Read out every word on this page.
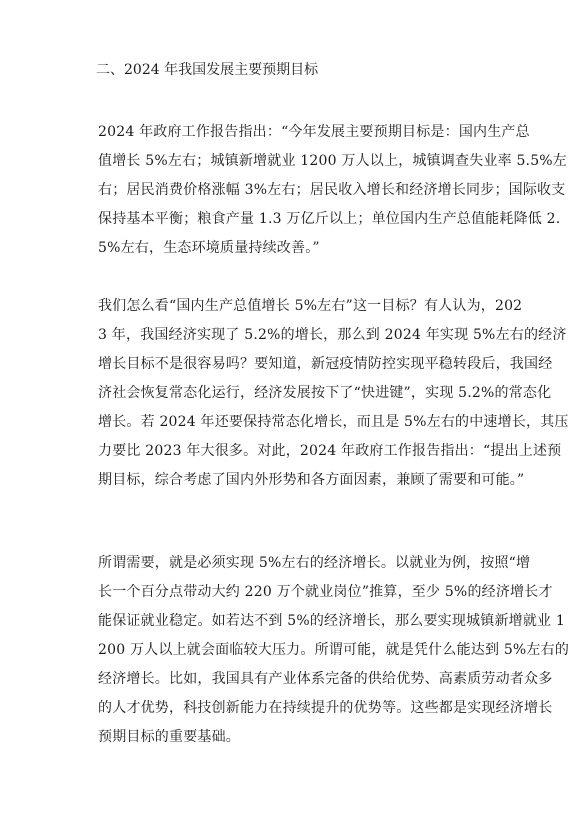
二、2024 年我国发展主要预期目标
2024 年政府工作报告指出：“今年发展主要预期目标是：国内生产总
值增长 5%左右；城镇新增就业 1200 万人以上，城镇调查失业率 5.5%左
右；居民消费价格涨幅 3%左右；居民收入增长和经济增长同步；国际收支
保持基本平衡；粮食产量 1.3 万亿斤以上；单位国内生产总值能耗降低 2.
5%左右，生态环境质量持续改善。”
我们怎么看“国内生产总值增长 5%左右”这一目标？有人认为，202
3 年，我国经济实现了 5.2%的增长，那么到 2024 年实现 5%左右的经济
增长目标不是很容易吗？要知道，新冠疫情防控实现平稳转段后，我国经
济社会恢复常态化运行，经济发展按下了“快进键”，实现 5.2%的常态化
增长。若 2024 年还要保持常态化增长，而且是 5%左右的中速增长，其压
力要比 2023 年大很多。对此，2024 年政府工作报告指出：“提出上述预
期目标，综合考虑了国内外形势和各方面因素，兼顾了需要和可能。”
所谓需要，就是必须实现 5%左右的经济增长。以就业为例，按照“增
长一个百分点带动大约 220 万个就业岗位”推算，至少 5%的经济增长才
能保证就业稳定。如若达不到 5%的经济增长，那么要实现城镇新增就业 1
200 万人以上就会面临较大压力。所谓可能，就是凭什么能达到 5%左右的
经济增长。比如，我国具有产业体系完备的供给优势、高素质劳动者众多
的人才优势，科技创新能力在持续提升的优势等。这些都是实现经济增长
预期目标的重要基础。
